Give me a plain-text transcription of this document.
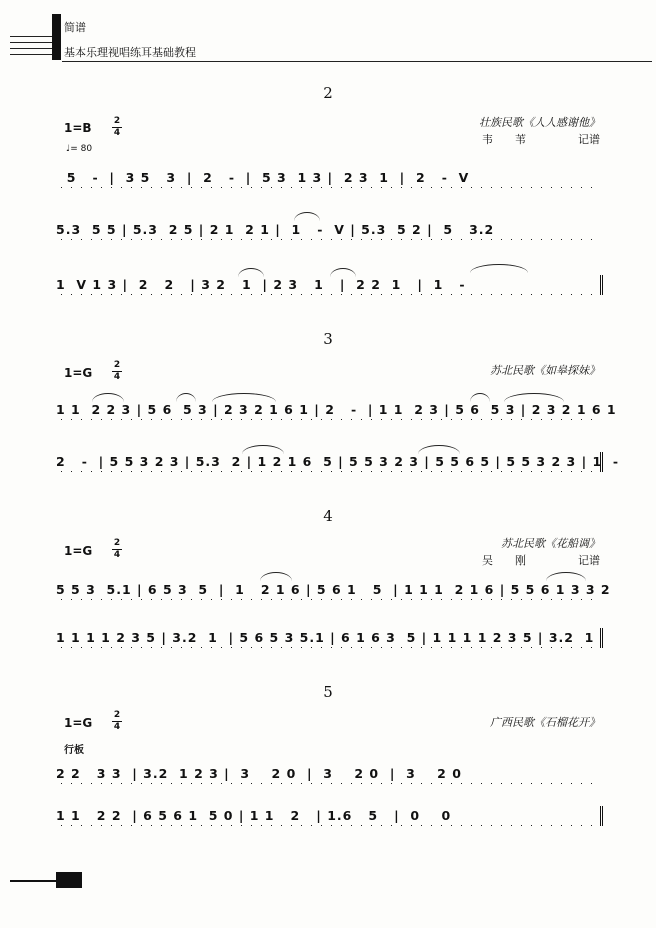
简谱
基本乐理视唱练耳基础教程
2
1=B 2
4
♩= 80
壮族民歌《人人感谢他》
韦　　苇	记谱
5   -  |  3 5   3  |  2   -  |  5 3  1 3 |  2 3  1  |  2   -  V
5.3  5 5 | 5.3  2 5 | 2 1  2 1 |  1   -  V | 5.3  5 2 |  5   3.2
1  V 1 3 |  2   2   | 3 2   1  | 2 3   1   |  2 2  1   |  1   -
3
1=G
2
4	苏北民歌《如皋探妹》
1 1  2 2 3 | 5 6  5 3 | 2 3 2 1 6 1 | 2   -  | 1 1  2 3 | 5 6  5 3 | 2 3 2 1 6 1
2   -  | 5 5 3 2 3 | 5.3  2 | 1 2 1 6  5 | 5 5 3 2 3 | 5 5 6 5 | 5 5 3 2 3 | 1  -
4
1=G
2
4
苏北民歌《花船调》
吴　　刚	记谱
5 5 3  5.1 | 6 5 3  5  |  1   2 1 6 | 5 6 1   5  | 1 1 1  2 1 6 | 5 5 6 1 3 3 2
1 1 1 1 2 3 5 | 3.2  1  | 5 6 5 3 5.1 | 6 1 6 3  5 | 1 1 1 1 2 3 5 | 3.2  1
5
1=G
2
4
行板
广西民歌《石榴花开》
2 2   3 3  | 3.2  1 2 3 |  3    2 0  |  3    2 0  |  3    2 0
1 1   2 2  | 6 5 6 1  5 0 | 1 1   2   | 1.6   5   |  0    0
